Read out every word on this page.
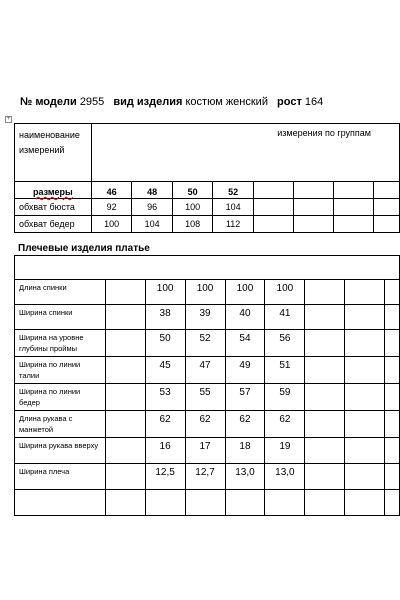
№ модели 2955 вид изделия костюм женский рост 164
+
наименование измерений	измерения по группам							
размеры	46	48	50	52				
обхват бюста	92	96	100	104				
обхват бедер	100	104	108	112				
Плечевые изделия платье

Длина спинки		100	100	100	100			
Ширина спинки		38	39	40	41			
Ширина на уровне глубины проймы		50	52	54	56			
Ширина по линии талии		45	47	49	51			
Ширина по линии бедер		53	55	57	59			
Длина рукава с манжетой		62	62	62	62			
Ширина рукава вверху		16	17	18	19			
Ширина плеча		12,5	12,7	13,0	13,0			
